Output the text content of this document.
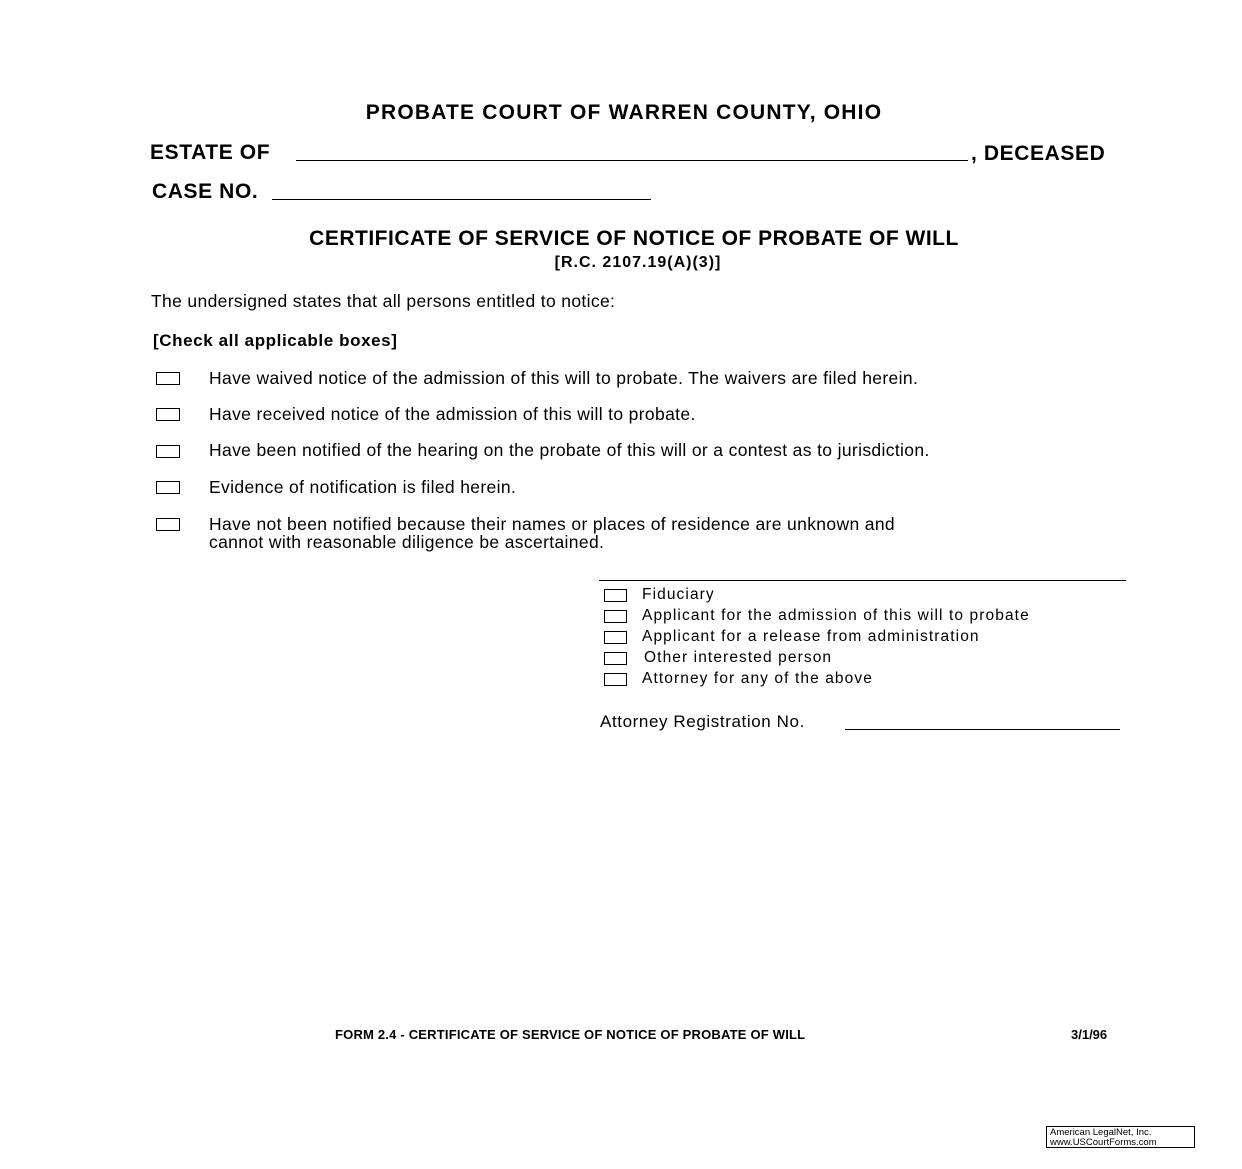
PROBATE COURT OF WARREN COUNTY, OHIO
ESTATE OF	, DECEASED
CASE NO.
CERTIFICATE OF SERVICE OF NOTICE OF PROBATE OF WILL
[R.C. 2107.19(A)(3)]
The undersigned states that all persons entitled to notice:
[Check all applicable boxes]
Have waived notice of the admission of this will to probate. The waivers are filed herein.
Have received notice of the admission of this will to probate.
Have been notified of the hearing on the probate of this will or a contest as to jurisdiction.
Evidence of notification is filed herein.
Have not been notified because their names or places of residence are unknown and
cannot with reasonable diligence be ascertained.
Fiduciary
Applicant for the admission of this will to probate
Applicant for a release from administration
Other interested person
Attorney for any of the above
Attorney Registration No.
FORM 2.4 - CERTIFICATE OF SERVICE OF NOTICE OF PROBATE OF WILL	3/1/96
American LegalNet, Inc.
www.USCourtForms.com
